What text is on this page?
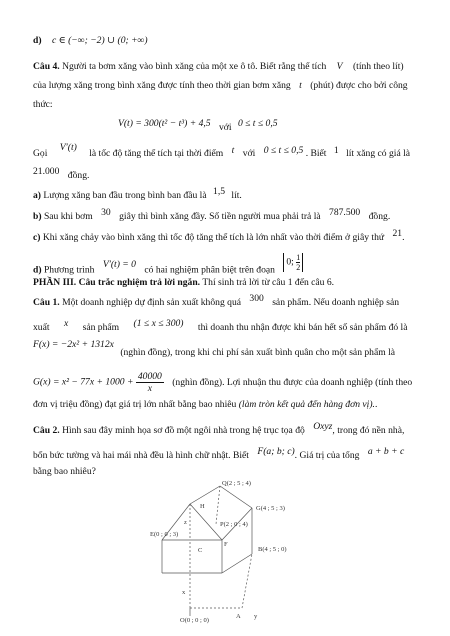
d) c ∈ (−∞; −2) ∪ (0; +∞)
Câu 4. Người ta bơm xăng vào bình xăng của một xe ô tô. Biết rằng thể tích V (tính theo lít)
của lượng xăng trong bình xăng được tính theo thời gian bơm xăng t (phút) được cho bởi công
thức:
V(t) = 300(t² − t³) + 4,5 với 0 ≤ t ≤ 0,5
Gọi V′(t) là tốc độ tăng thể tích tại thời điểm t với 0 ≤ t ≤ 0,5 . Biết 1 lít xăng có giá là
21.000 đồng.
a) Lượng xăng ban đầu trong bình ban đầu là 1,5 lít.
b) Sau khi bơm 30 giây thì bình xăng đầy. Số tiền người mua phải trả là 787.500 đồng.
c) Khi xăng chảy vào bình xăng thì tốc độ tăng thể tích là lớn nhất vào thời điểm ở giây thứ 21.
d) Phương trình V′(t) = 0 có hai nghiệm phân biệt trên đoạn 0; $\frac{1}{2}$
PHẦN III. Câu trắc nghiệm trả lời ngắn. Thí sinh trả lời từ câu 1 đến câu 6.
Câu 1. Một doanh nghiệp dự định sản xuất không quá 300 sản phẩm. Nếu doanh nghiệp sản
xuất x sản phẩm (1 ≤ x ≤ 300) thì doanh thu nhận được khi bán hết số sản phẩm đó là
F(x) = −2x² + 1312x (nghìn đồng), trong khi chi phí sản xuất bình quân cho một sản phẩm là
$G(x) = x^2 - 77x + 1000 + \frac{40000}{x}$ (nghìn đồng). Lợi nhuận thu được của doanh nghiệp (tính theo
đơn vị triệu đồng) đạt giá trị lớn nhất bằng bao nhiêu (làm tròn kết quả đến hàng đơn vị)..
Câu 2. Hình sau đây minh họa sơ đồ một ngôi nhà trong hệ trục tọa độ Oxyz, trong đó nền nhà,
bốn bức tường và hai mái nhà đều là hình chữ nhật. Biết F(a; b; c). Giá trị của tổng a + b + c
bằng bao nhiêu?
Q(2 ; 5 ; 4)
G(4 ; 5 ; 3)
P(2 ; 0 ; 4)
E(0 ; 0 ; 3)
B(4 ; 5 ; 0)
O(0 ; 0 ; 0)
H
F
C
A
z
x
y
